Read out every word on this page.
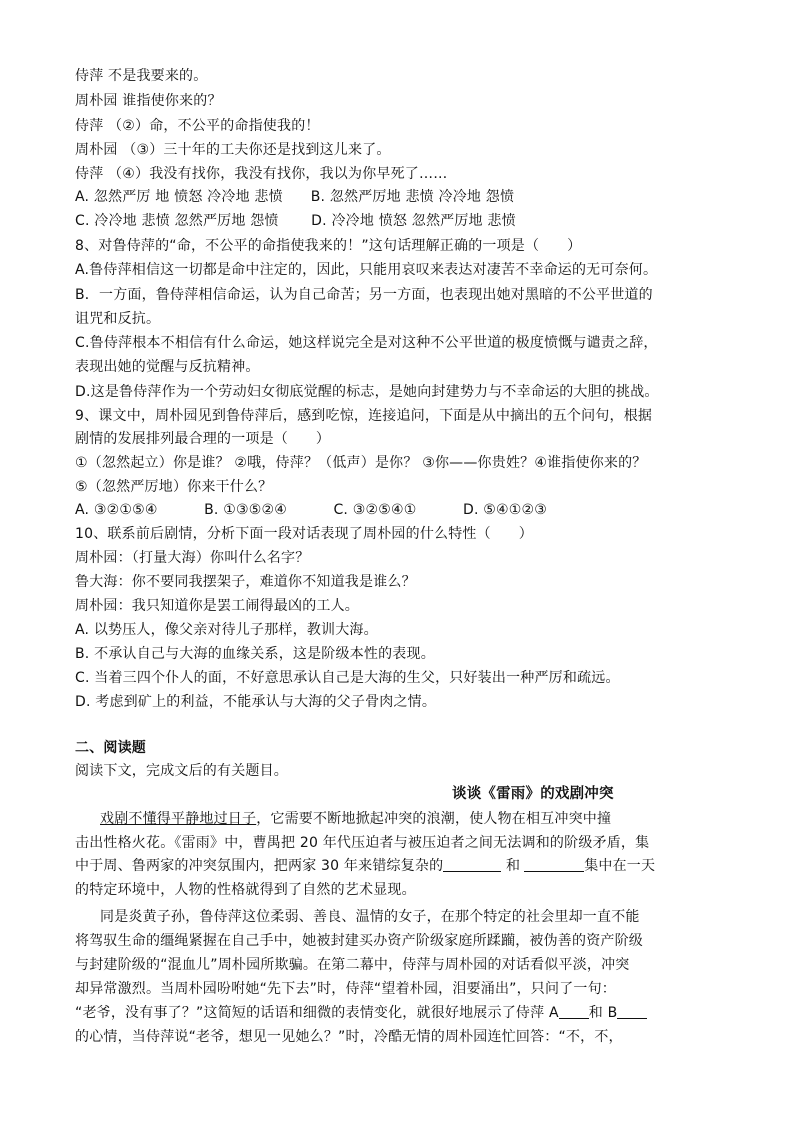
侍萍 不是我要来的。
周朴园 谁指使你来的？
侍萍 （②）命，不公平的命指使我的！
周朴园 （③）三十年的工夫你还是找到这儿来了。
侍萍 （④）我没有找你，我没有找你，我以为你早死了……
A. 忽然严厉 地 愤怒 冷冷地 悲愤      B. 忽然严厉地 悲愤 冷冷地 怨愤
C. 冷冷地 悲愤 忽然严厉地 怨愤       D. 冷冷地 愤怒 忽然严厉地 悲愤
8、对鲁侍萍的“命，不公平的命指使我来的！”这句话理解正确的一项是（      ）
A.鲁侍萍相信这一切都是命中注定的，因此，只能用哀叹来表达对凄苦不幸命运的无可奈何。
B．一方面，鲁侍萍相信命运，认为自己命苦；另一方面，也表现出她对黑暗的不公平世道的
诅咒和反抗。
C.鲁侍萍根本不相信有什么命运，她这样说完全是对这种不公平世道的极度愤慨与谴责之辞，
表现出她的觉醒与反抗精神。
D.这是鲁侍萍作为一个劳动妇女彻底觉醒的标志，是她向封建势力与不幸命运的大胆的挑战。
9、课文中，周朴园见到鲁侍萍后，感到吃惊，连接追问，下面是从中摘出的五个问句，根据
剧情的发展排列最合理的一项是（      ）
①（忽然起立）你是谁？ ②哦，侍萍？（低声）是你？ ③你——你贵姓？④谁指使你来的？
⑤（忽然严厉地）你来干什么？
A. ③②①⑤④          B. ①③⑤②④          C. ③②⑤④①          D. ⑤④①②③
10、联系前后剧情，分析下面一段对话表现了周朴园的什么特性（      ）
周朴园：（打量大海）你叫什么名字？
鲁大海：你不要同我摆架子，难道你不知道我是谁么？
周朴园：我只知道你是罢工闹得最凶的工人。
A. 以势压人，像父亲对待儿子那样，教训大海。
B. 不承认自己与大海的血缘关系，这是阶级本性的表现。
C. 当着三四个仆人的面，不好意思承认自己是大海的生父，只好装出一种严厉和疏远。
D. 考虑到矿上的利益，不能承认与大海的父子骨肉之情。
二、阅读题
阅读下文，完成文后的有关题目。
谈谈《雷雨》的戏剧冲突
戏剧不懂得平静地过日子，它需要不断地掀起冲突的浪潮，使人物在相互冲突中撞
击出性格火花。《雷雨》中，曹禺把 20 年代压迫者与被压迫者之间无法调和的阶级矛盾，集
中于周、鲁两家的冲突氛围内，把两家 30 年来错综复杂的	和	集中在一天
的特定环境中，人物的性格就得到了自然的艺术显现。
同是炎黄子孙，鲁侍萍这位柔弱、善良、温情的女子，在那个特定的社会里却一直不能
将驾驭生命的缰绳紧握在自己手中，她被封建买办资产阶级家庭所蹂躏，被伪善的资产阶级
与封建阶级的“混血儿”周朴园所欺骗。在第二幕中，侍萍与周朴园的对话看似平淡，冲突
却异常激烈。当周朴园吩咐她“先下去”时，侍萍“望着朴园，泪要涌出”，只问了一句：
“老爷，没有事了？”这简短的话语和细微的表情变化，就很好地展示了侍萍 A 和 B
的心情，当侍萍说“老爷，想见一见她么？”时，冷酷无情的周朴园连忙回答：“不，不，
